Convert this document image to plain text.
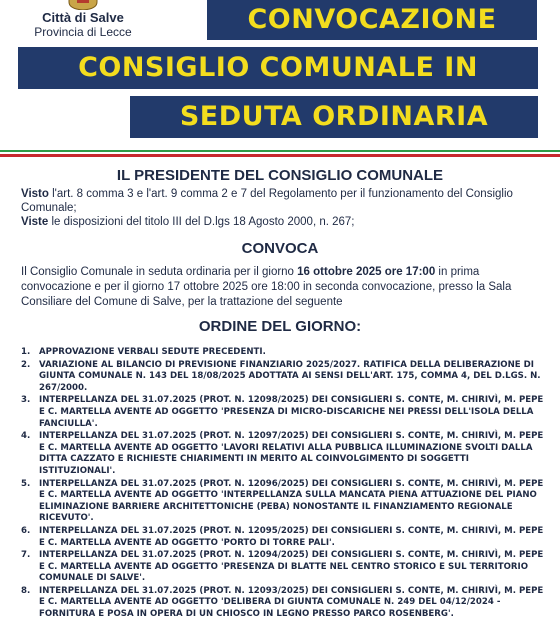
Città di Salve
Provincia di Lecce	CONVOCAZIONE
CONSIGLIO COMUNALE IN
SEDUTA ORDINARIA
IL PRESIDENTE DEL CONSIGLIO COMUNALE
Visto l'art. 8 comma 3 e l'art. 9 comma 2 e 7 del Regolamento per il funzionamento del Consiglio Comunale;
Viste le disposizioni del titolo III del D.lgs 18 Agosto 2000, n. 267;
CONVOCA
Il Consiglio Comunale in seduta ordinaria per il giorno 16 ottobre 2025 ore 17:00 in prima convocazione e per il giorno 17 ottobre 2025 ore 18:00 in seconda convocazione, presso la Sala Consiliare del Comune di Salve, per la trattazione del seguente
ORDINE DEL GIORNO:
1.	APPROVAZIONE VERBALI SEDUTE PRECEDENTI.
2.	VARIAZIONE AL BILANCIO DI PREVISIONE FINANZIARIO 2025/2027. RATIFICA DELLA DELIBERAZIONE DI GIUNTA COMUNALE N. 143 DEL 18/08/2025 ADOTTATA AI SENSI DELL'ART. 175, COMMA 4, DEL D.LGS. N. 267/2000.
3.	INTERPELLANZA DEL 31.07.2025 (PROT. N. 12098/2025) DEI CONSIGLIERI S. CONTE, M. CHIRIVÌ, M. PEPE E C. MARTELLA AVENTE AD OGGETTO 'PRESENZA DI MICRO-DISCARICHE NEI PRESSI DELL'ISOLA DELLA FANCIULLA'.
4.	INTERPELLANZA DEL 31.07.2025 (PROT. N. 12097/2025) DEI CONSIGLIERI S. CONTE, M. CHIRIVÌ, M. PEPE E C. MARTELLA AVENTE AD OGGETTO 'LAVORI RELATIVI ALLA PUBBLICA ILLUMINAZIONE SVOLTI DALLA DITTA CAZZATO E RICHIESTE CHIARIMENTI IN MERITO AL COINVOLGIMENTO DI SOGGETTI ISTITUZIONALI'.
5.	INTERPELLANZA DEL 31.07.2025 (PROT. N. 12096/2025) DEI CONSIGLIERI S. CONTE, M. CHIRIVÌ, M. PEPE E C. MARTELLA AVENTE AD OGGETTO 'INTERPELLANZA SULLA MANCATA PIENA ATTUAZIONE DEL PIANO ELIMINAZIONE BARRIERE ARCHITETTONICHE (PEBA) NONOSTANTE IL FINANZIAMENTO REGIONALE RICEVUTO'.
6.	INTERPELLANZA DEL 31.07.2025 (PROT. N. 12095/2025) DEI CONSIGLIERI S. CONTE, M. CHIRIVÌ, M. PEPE E C. MARTELLA AVENTE AD OGGETTO 'PORTO DI TORRE PALI'.
7.	INTERPELLANZA DEL 31.07.2025 (PROT. N. 12094/2025) DEI CONSIGLIERI S. CONTE, M. CHIRIVÌ, M. PEPE E C. MARTELLA AVENTE AD OGGETTO 'PRESENZA DI BLATTE NEL CENTRO STORICO E SUL TERRITORIO COMUNALE DI SALVE'.
8.	INTERPELLANZA DEL 31.07.2025 (PROT. N. 12093/2025) DEI CONSIGLIERI S. CONTE, M. CHIRIVÌ, M. PEPE E C. MARTELLA AVENTE AD OGGETTO 'DELIBERA DI GIUNTA COMUNALE N. 249 DEL 04/12/2024 - FORNITURA E POSA IN OPERA DI UN CHIOSCO IN LEGNO PRESSO PARCO ROSENBERG'.
